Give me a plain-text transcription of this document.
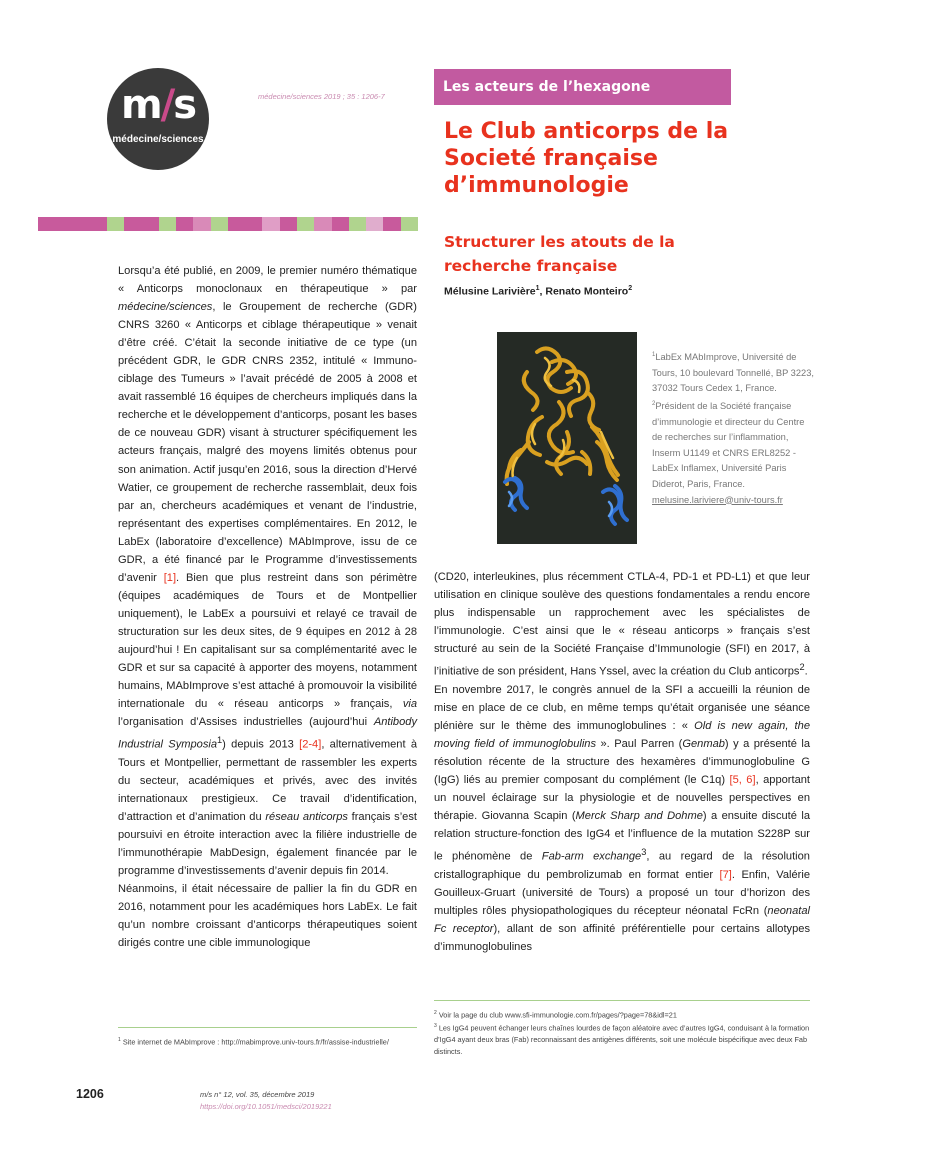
m/s
médecine/sciences
médecine/sciences 2019 ; 35 : 1206-7
Les acteurs de l’hexagone
Le Club anticorps de la Societé française d’immunologie
Structurer les atouts de la recherche française
Mélusine Larivière$^1$, Renato Monteiro$^2$

$^1$LabEx MAbImprove, Université de Tours, 10 boulevard Tonnellé, BP 3223, 37032 Tours Cedex 1, France.

$^2$Président de la Société française d’immunologie et directeur du Centre de recherches sur l’inflammation, Inserm U1149 et CNRS ERL8252 - LabEx Inflamex, Université Paris Diderot, Paris, France.

melusine.lariviere@univ-tours.fr

Lorsqu’a été publié, en 2009, le premier numéro thématique « Anticorps monoclonaux en thérapeutique » par médecine/sciences, le Groupement de recherche (GDR) CNRS 3260 « Anticorps et ciblage thérapeutique » venait d’être créé. C’était la seconde initiative de ce type (un précédent GDR, le GDR CNRS 2352, intitulé « Immuno-ciblage des Tumeurs » l’avait précédé de 2005 à 2008 et avait rassemblé 16 équipes de chercheurs impliqués dans la recherche et le développement d’anticorps, posant les bases de ce nouveau GDR) visant à structurer spécifiquement les acteurs français, malgré des moyens limités obtenus pour son animation. Actif jusqu’en 2016, sous la direction d’Hervé Watier, ce groupement de recherche rassemblait, deux fois par an, chercheurs académiques et venant de l’industrie, représentant des expertises complémentaires. En 2012, le LabEx (laboratoire d’excellence) MAbImprove, issu de ce GDR, a été financé par le Programme d’investissements d’avenir [1]. Bien que plus restreint dans son périmètre (équipes académiques de Tours et de Montpellier uniquement), le LabEx a poursuivi et relayé ce travail de structuration sur les deux sites, de 9 équipes en 2012 à 28 aujourd’hui ! En capitalisant sur sa complémentarité avec le GDR et sur sa capacité à apporter des moyens, notamment humains, MAbImprove s’est attaché à promouvoir la visibilité internationale du « réseau anticorps » français, via l’organisation d’Assises industrielles (aujourd’hui Antibody Industrial Symposia$^1$) depuis 2013 [2-4], alternativement à Tours et Montpellier, permettant de rassembler les experts du secteur, académiques et privés, avec des invités internationaux prestigieux. Ce travail d’identification, d’attraction et d’animation du réseau anticorps français s’est poursuivi en étroite interaction avec la filière industrielle de l’immunothérapie MabDesign, également financée par le programme d’investissements d’avenir depuis fin 2014.

Néanmoins, il était nécessaire de pallier la fin du GDR en 2016, notamment pour les académiques hors LabEx. Le fait qu’un nombre croissant d’anticorps thérapeutiques soient dirigés contre une cible immunologique

(CD20, interleukines, plus récemment CTLA-4, PD-1 et PD-L1) et que leur utilisation en clinique soulève des questions fondamentales a rendu encore plus indispensable un rapprochement avec les spécialistes de l’immunologie. C’est ainsi que le « réseau anticorps » français s’est structuré au sein de la Société Française d’Immunologie (SFI) en 2017, à l’initiative de son président, Hans Yssel, avec la création du Club anticorps$^2$.

En novembre 2017, le congrès annuel de la SFI a accueilli la réunion de mise en place de ce club, en même temps qu’était organisée une séance plénière sur le thème des immunoglobulines : « Old is new again, the moving field of immunoglobulins ». Paul Parren (Genmab) y a présenté la résolution récente de la structure des hexamères d’immunoglobuline G (IgG) liés au premier composant du complément (le C1q) [5, 6], apportant un nouvel éclairage sur la physiologie et de nouvelles perspectives en thérapie. Giovanna Scapin (Merck Sharp and Dohme) a ensuite discuté la relation structure-fonction des IgG4 et l’influence de la mutation S228P sur le phénomène de Fab-arm exchange$^3$, au regard de la résolution cristallographique du pembrolizumab en format entier [7]. Enfin, Valérie Gouilleux-Gruart (université de Tours) a proposé un tour d’horizon des multiples rôles physiopathologiques du récepteur néonatal FcRn (neonatal Fc receptor), allant de son affinité préférentielle pour certains allotypes d’immunoglobulines

$^1$ Site internet de MAbImprove : http://mabimprove.univ-tours.fr/fr/assise-industrielle/
$^2$ Voir la page du club www.sfi-immunologie.com.fr/pages/?page=78&idl=21
$^3$ Les IgG4 peuvent échanger leurs chaînes lourdes de façon aléatoire avec d’autres IgG4, conduisant à la formation d’IgG4 ayant deux bras (Fab) reconnaissant des antigènes différents, soit une molécule bispécifique avec deux Fab distincts.
1206	m/s n° 12, vol. 35, décembre 2019
https://doi.org/10.1051/medsci/2019221
